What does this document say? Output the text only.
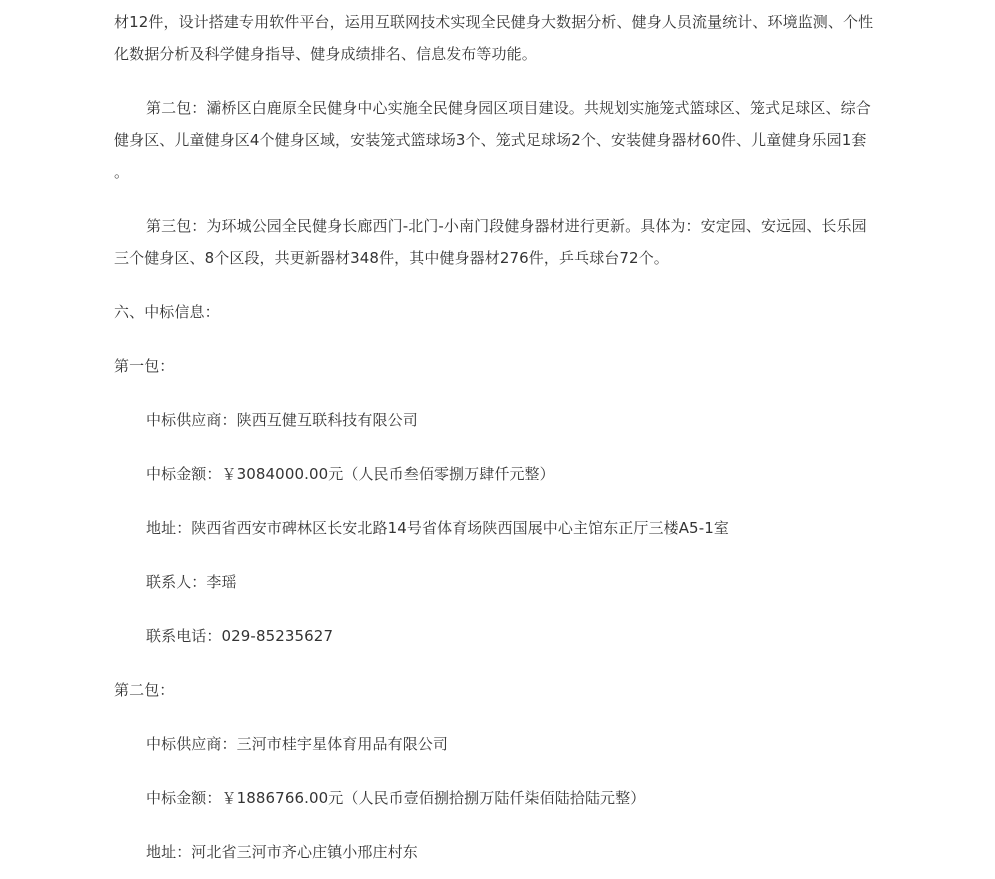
材12件，设计搭建专用软件平台，运用互联网技术实现全民健身大数据分析、健身人员流量统计、环境监测、个性化数据分析及科学健身指导、健身成绩排名、信息发布等功能。

第二包：灞桥区白鹿原全民健身中心实施全民健身园区项目建设。共规划实施笼式篮球区、笼式足球区、综合健身区、儿童健身区4个健身区域，安装笼式篮球场3个、笼式足球场2个、安装健身器材60件、儿童健身乐园1套 。

第三包：为环城公园全民健身长廊西门-北门-小南门段健身器材进行更新。具体为：安定园、安远园、长乐园三个健身区、8个区段，共更新器材348件，其中健身器材276件，乒乓球台72个。

六、中标信息：

第一包：

中标供应商：陕西互健互联科技有限公司

中标金额：￥3084000.00元（人民币叁佰零捌万肆仟元整）

地址：陕西省西安市碑林区长安北路14号省体育场陕西国展中心主馆东正厅三楼A5-1室

联系人：李瑶

联系电话：029-85235627

第二包：

中标供应商：三河市桂宇星体育用品有限公司

中标金额：￥1886766.00元（人民币壹佰捌拾捌万陆仟柒佰陆拾陆元整）

地址：河北省三河市齐心庄镇小邢庄村东
